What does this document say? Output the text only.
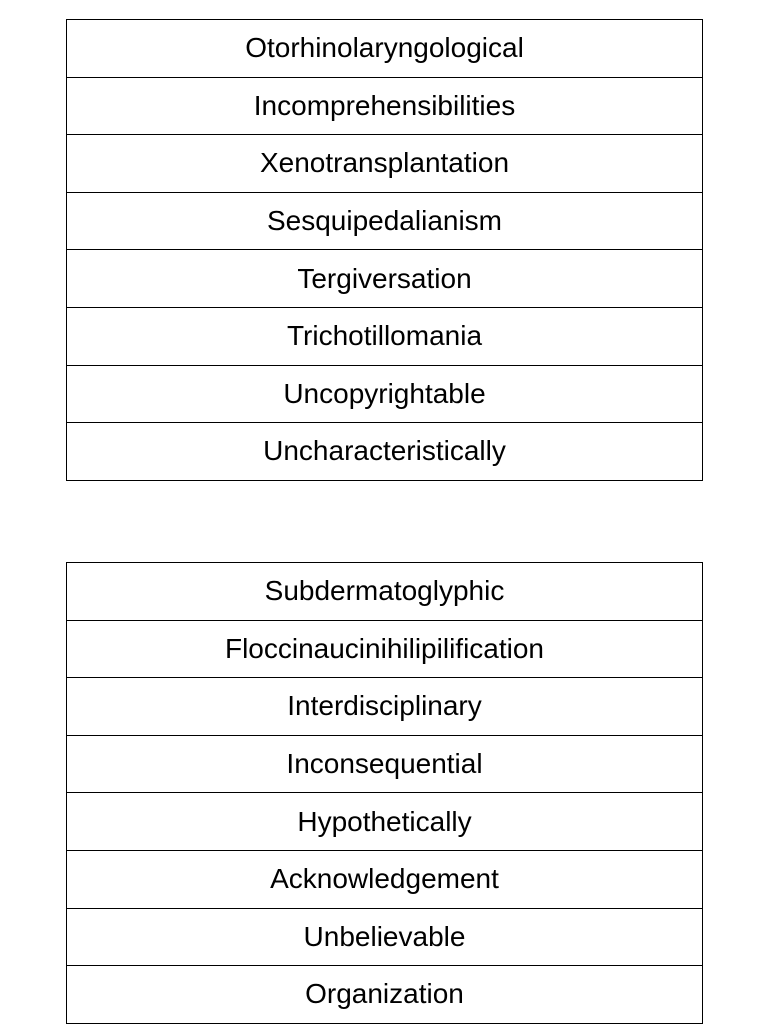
Otorhinolaryngological
Incomprehensibilities
Xenotransplantation
Sesquipedalianism
Tergiversation
Trichotillomania
Uncopyrightable
Uncharacteristically
Subdermatoglyphic
Floccinaucinihilipilification
Interdisciplinary
Inconsequential
Hypothetically
Acknowledgement
Unbelievable
Organization
